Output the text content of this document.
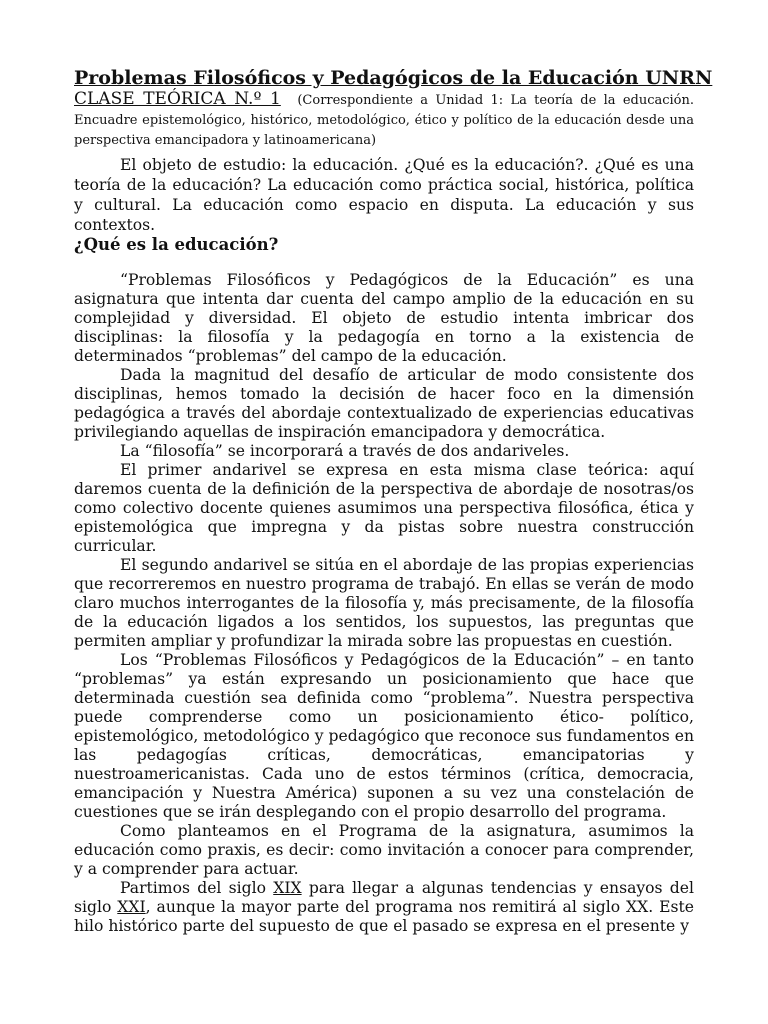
Problemas Filosóficos y Pedagógicos de la Educación UNRN
CLASE TEÓRICA N.º 1 (Correspondiente a Unidad 1: La teoría de la educación. Encuadre epistemológico, histórico, metodológico, ético y político de la educación desde una perspectiva emancipadora y latinoamericana)

El objeto de estudio: la educación. ¿Qué es la educación?. ¿Qué es una teoría de la educación? La educación como práctica social, histórica, política y cultural. La educación como espacio en disputa. La educación y sus contextos.

¿Qué es la educación?

“Problemas Filosóficos y Pedagógicos de la Educación” es una asignatura que intenta dar cuenta del campo amplio de la educación en su complejidad y diversidad. El objeto de estudio intenta imbricar dos disciplinas: la filosofía y la pedagogía en torno a la existencia de determinados “problemas” del campo de la educación.

Dada la magnitud del desafío de articular de modo consistente dos disciplinas, hemos tomado la decisión de hacer foco en la dimensión pedagógica a través del abordaje contextualizado de experiencias educativas privilegiando aquellas de inspiración emancipadora y democrática.

La “filosofía” se incorporará a través de dos andariveles.

El primer andarivel se expresa en esta misma clase teórica: aquí daremos cuenta de la definición de la perspectiva de abordaje de nosotras/os como colectivo docente quienes asumimos una perspectiva filosófica, ética y epistemológica que impregna y da pistas sobre nuestra construcción curricular.

El segundo andarivel se sitúa en el abordaje de las propias experiencias que recorreremos en nuestro programa de trabajó. En ellas se verán de modo claro muchos interrogantes de la filosofía y, más precisamente, de la filosofía de la educación ligados a los sentidos, los supuestos, las preguntas que permiten ampliar y profundizar la mirada sobre las propuestas en cuestión.

Los “Problemas Filosóficos y Pedagógicos de la Educación” – en tanto “problemas” ya están expresando un posicionamiento que hace que determinada cuestión sea definida como “problema”. Nuestra perspectiva puede comprenderse como un posicionamiento ético- político, epistemológico, metodológico y pedagógico que reconoce sus fundamentos en las pedagogías críticas, democráticas, emancipatorias y nuestroamericanistas. Cada uno de estos términos (crítica, democracia, emancipación y Nuestra América) suponen a su vez una constelación de cuestiones que se irán desplegando con el propio desarrollo del programa.

Como planteamos en el Programa de la asignatura, asumimos la educación como praxis, es decir: como invitación a conocer para comprender, y a comprender para actuar.

Partimos del siglo XIX para llegar a algunas tendencias y ensayos del siglo XXI, aunque la mayor parte del programa nos remitirá al siglo XX. Este hilo histórico parte del supuesto de que el pasado se expresa en el presente y
